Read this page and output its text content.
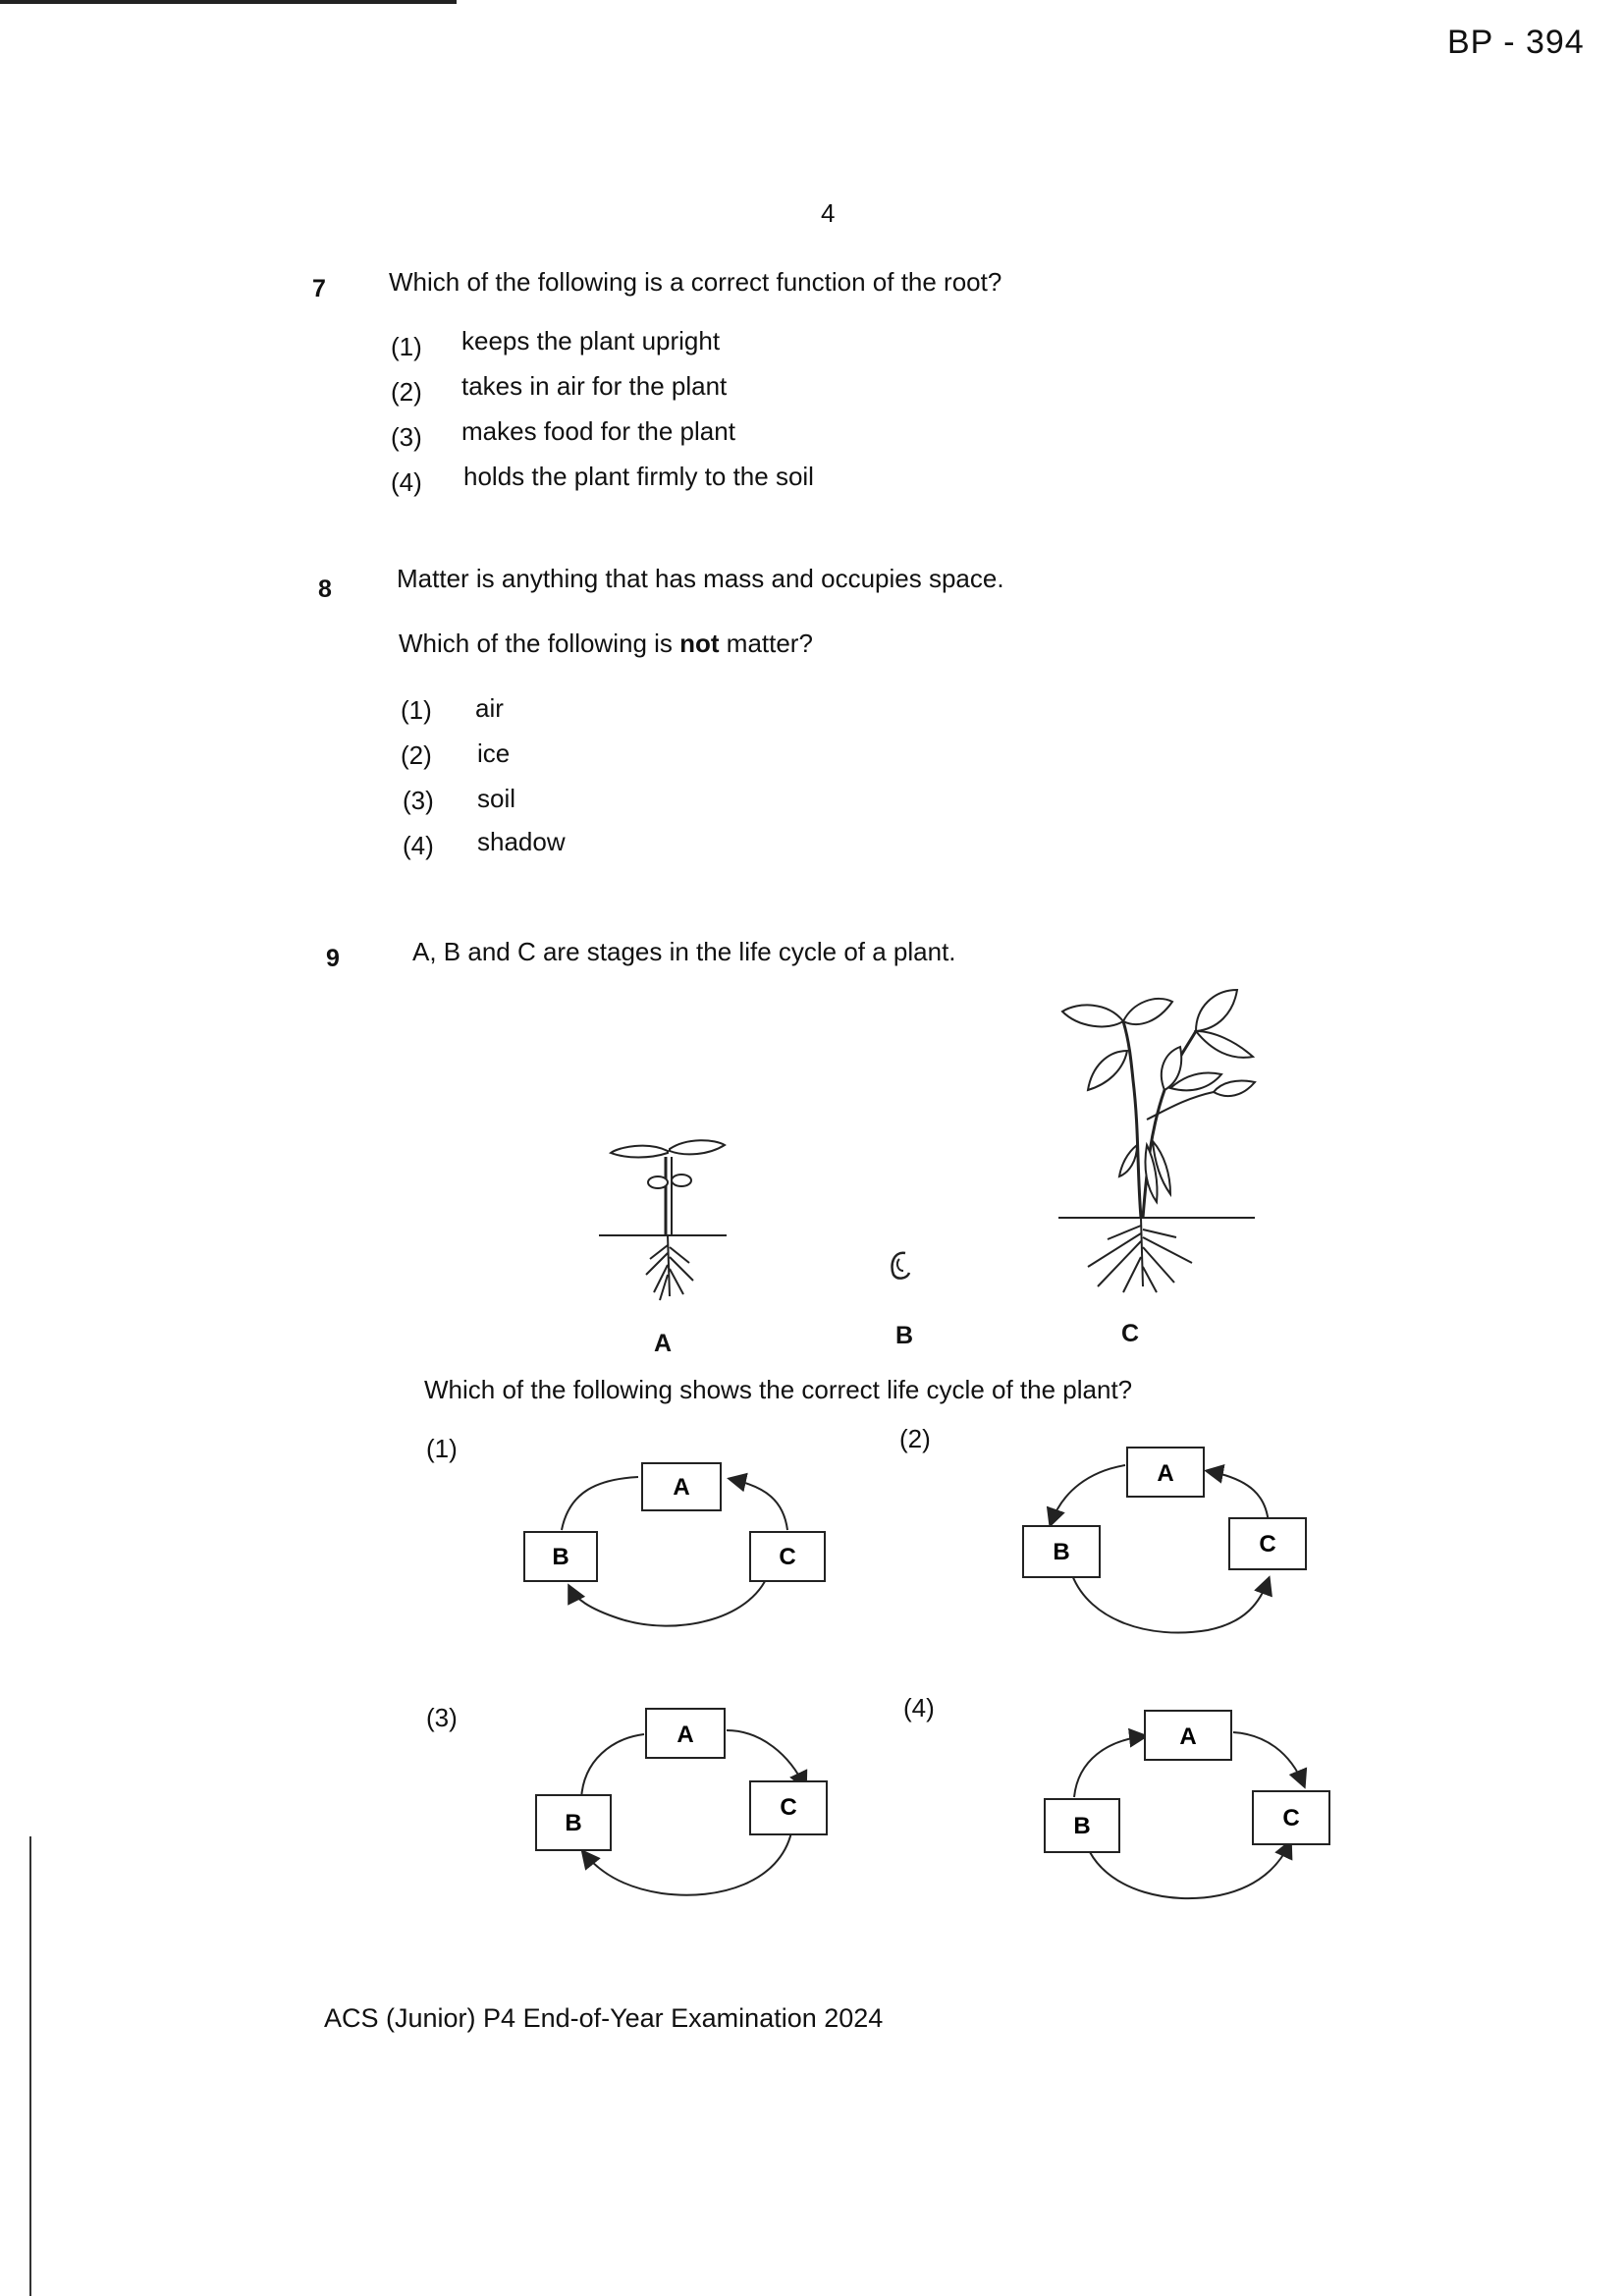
BP - 394
4
7 Which of the following is a correct function of the root?
(1) keeps the plant upright
(2) takes in air for the plant
(3) makes food for the plant
(4) holds the plant firmly to the soil
8	Matter is anything that has mass and occupies space.
Which of the following is not matter?
(1) air
(2) ice
(3) soil
(4) shadow
9	A, B and C are stages in the life cycle of a plant.
A	B	C
Which of the following shows the correct life cycle of the plant?
(1)	(2)
(3)	(4)
A
B	C
A
B	C
A
B
C
A
B	C
ACS (Junior) P4 End-of-Year Examination 2024
